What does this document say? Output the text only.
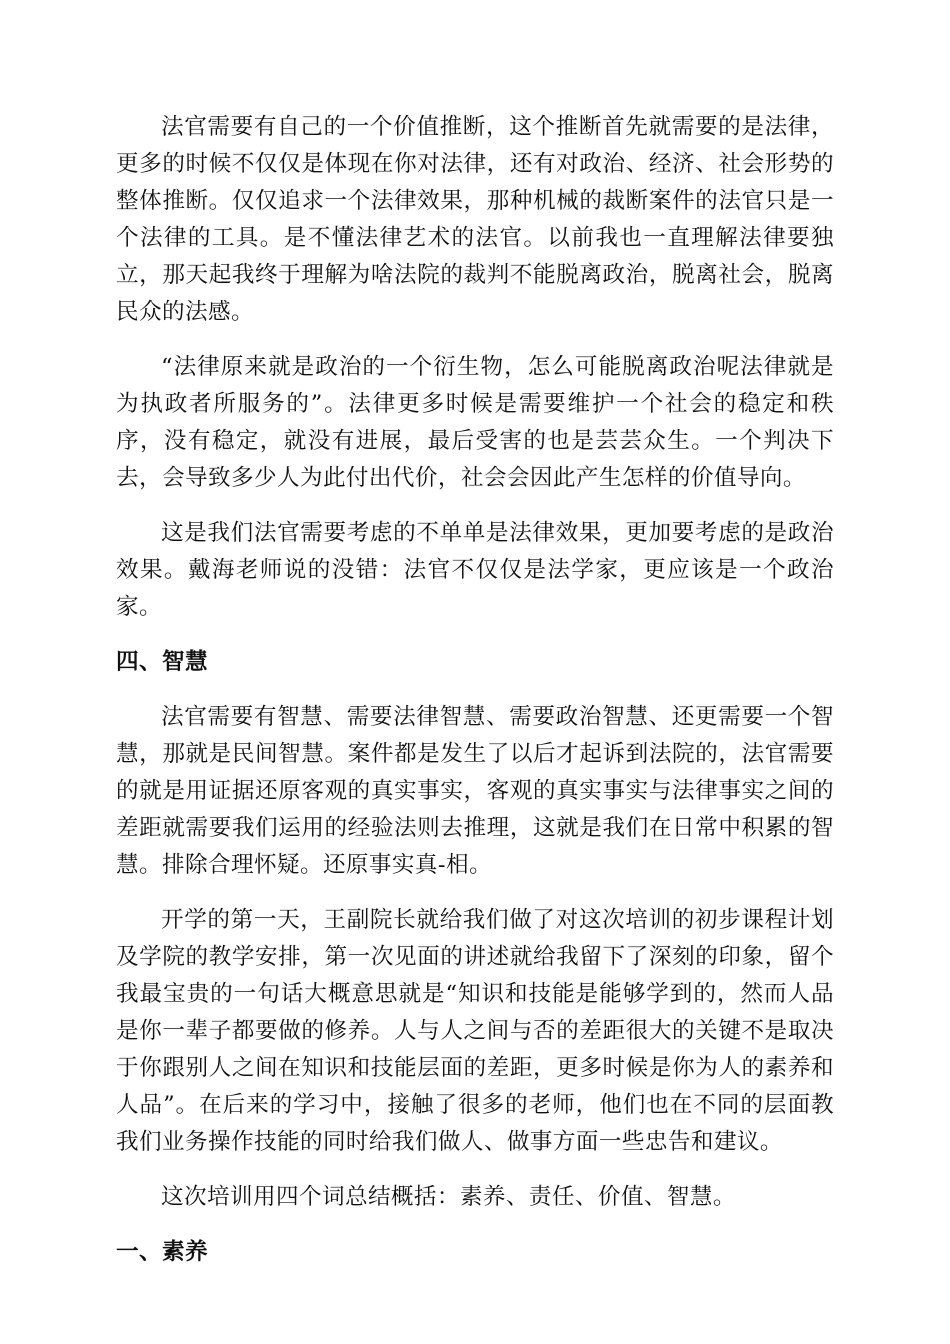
法官需要有自己的一个价值推断，这个推断首先就需要的是法律，更多的时候不仅仅是体现在你对法律，还有对政治、经济、社会形势的整体推断。仅仅追求一个法律效果，那种机械的裁断案件的法官只是一个法律的工具。是不懂法律艺术的法官。以前我也一直理解法律要独立，那天起我终于理解为啥法院的裁判不能脱离政治，脱离社会，脱离民众的法感。

“法律原来就是政治的一个衍生物，怎么可能脱离政治呢法律就是为执政者所服务的”。法律更多时候是需要维护一个社会的稳定和秩序，没有稳定，就没有进展，最后受害的也是芸芸众生。一个判决下去，会导致多少人为此付出代价，社会会因此产生怎样的价值导向。

这是我们法官需要考虑的不单单是法律效果，更加要考虑的是政治效果。戴海老师说的没错：法官不仅仅是法学家，更应该是一个政治家。

四、智慧

法官需要有智慧、需要法律智慧、需要政治智慧、还更需要一个智慧，那就是民间智慧。案件都是发生了以后才起诉到法院的，法官需要的就是用证据还原客观的真实事实，客观的真实事实与法律事实之间的差距就需要我们运用的经验法则去推理，这就是我们在日常中积累的智慧。排除合理怀疑。还原事实真-相。

开学的第一天，王副院长就给我们做了对这次培训的初步课程计划及学院的教学安排，第一次见面的讲述就给我留下了深刻的印象，留个我最宝贵的一句话大概意思就是“知识和技能是能够学到的，然而人品是你一辈子都要做的修养。人与人之间与否的差距很大的关键不是取决于你跟别人之间在知识和技能层面的差距，更多时候是你为人的素养和人品”。在后来的学习中，接触了很多的老师，他们也在不同的层面教我们业务操作技能的同时给我们做人、做事方面一些忠告和建议。

这次培训用四个词总结概括：素养、责任、价值、智慧。

一、素养
